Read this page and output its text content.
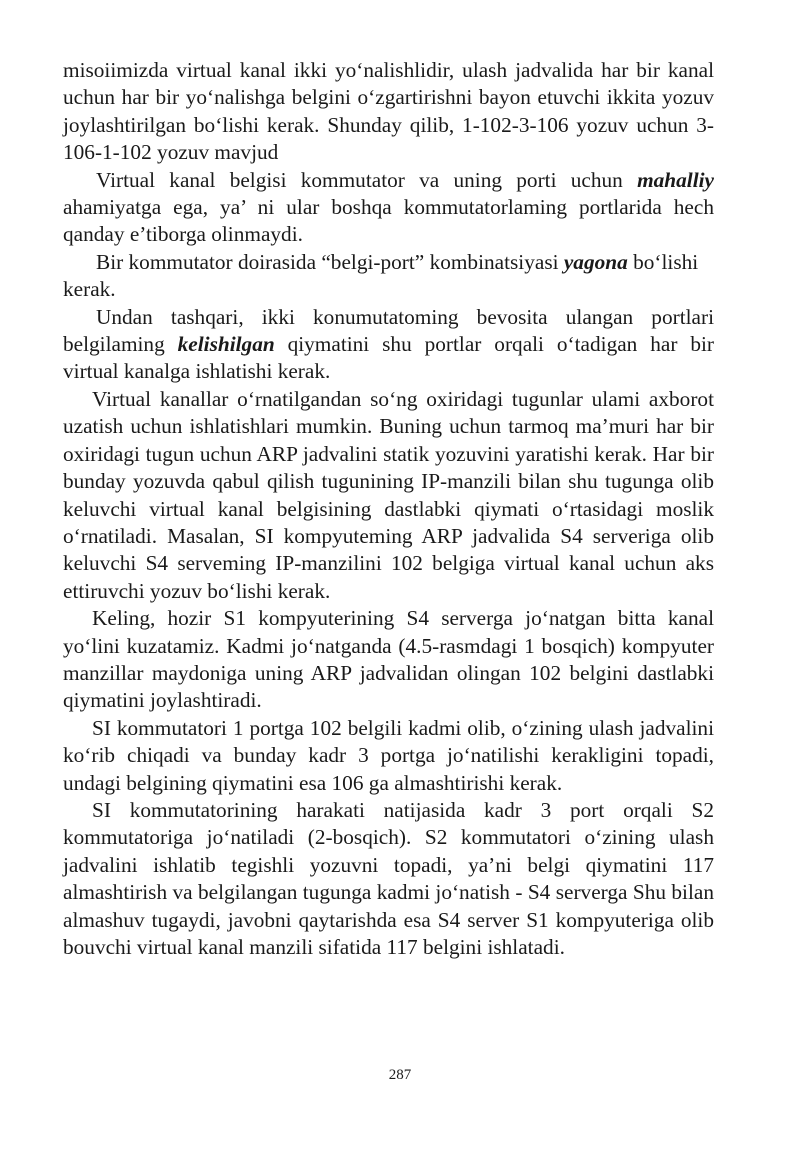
misoiimizda virtual kanal ikki yo‘nalishlidir, ulash jadvalida har bir kanal uchun har bir yo‘nalishga belgini o‘zgartirishni bayon etuvchi ikkita yozuv joylashtirilgan bo‘lishi kerak. Shunday qilib, 1-102-3-106 yozuv uchun 3-106-1-102 yozuv mavjud

Virtual kanal belgisi kommutator va uning porti uchun mahalliy ahamiyatga ega, ya’ ni ular boshqa kommutatorlaming portlarida hech qanday e’tiborga olinmaydi.

Bir kommutator doirasida “belgi-port” kombinatsiyasi yagona bo‘lishi kerak.

Undan tashqari, ikki konumutatoming bevosita ulangan portlari belgilaming kelishilgan qiymatini shu portlar orqali o‘tadigan har bir virtual kanalga ishlatishi kerak.

Virtual kanallar o‘rnatilgandan so‘ng oxiridagi tugunlar ulami axborot uzatish uchun ishlatishlari mumkin. Buning uchun tarmoq ma’muri har bir oxiridagi tugun uchun ARP jadvalini statik yozuvini yaratishi kerak. Har bir bunday yozuvda qabul qilish tugunining IP-manzili bilan shu tugunga olib keluvchi virtual kanal belgisining dastlabki qiymati o‘rtasidagi moslik o‘rnatiladi. Masalan, SI kompyuteming ARP jadvalida S4 serveriga olib keluvchi S4 serveming IP-manzilini 102 belgiga virtual kanal uchun aks ettiruvchi yozuv bo‘lishi kerak.

Keling, hozir S1 kompyuterining S4 serverga jo‘natgan bitta kanal yo‘lini kuzatamiz. Kadmi jo‘natganda (4.5-rasmdagi 1 bosqich) kompyuter manzillar maydoniga uning ARP jadvalidan olingan 102 belgini dastlabki qiymatini joylashtiradi.

SI kommutatori 1 portga 102 belgili kadmi olib, o‘zining ulash jadvalini ko‘rib chiqadi va bunday kadr 3 portga jo‘natilishi kerakligini topadi, undagi belgining qiymatini esa 106 ga almashtirishi kerak.

SI kommutatorining harakati natijasida kadr 3 port orqali S2 kommutatoriga jo‘natiladi (2-bosqich). S2 kommutatori o‘zining ulash jadvalini ishlatib tegishli yozuvni topadi, ya’ni belgi qiymatini 117 almashtirish va belgilangan tugunga kadmi jo‘natish - S4 serverga Shu bilan almashuv tugaydi, javobni qaytarishda esa S4 server S1 kompyuteriga olib bouvchi virtual kanal manzili sifatida 117 belgini ishlatadi.

287
